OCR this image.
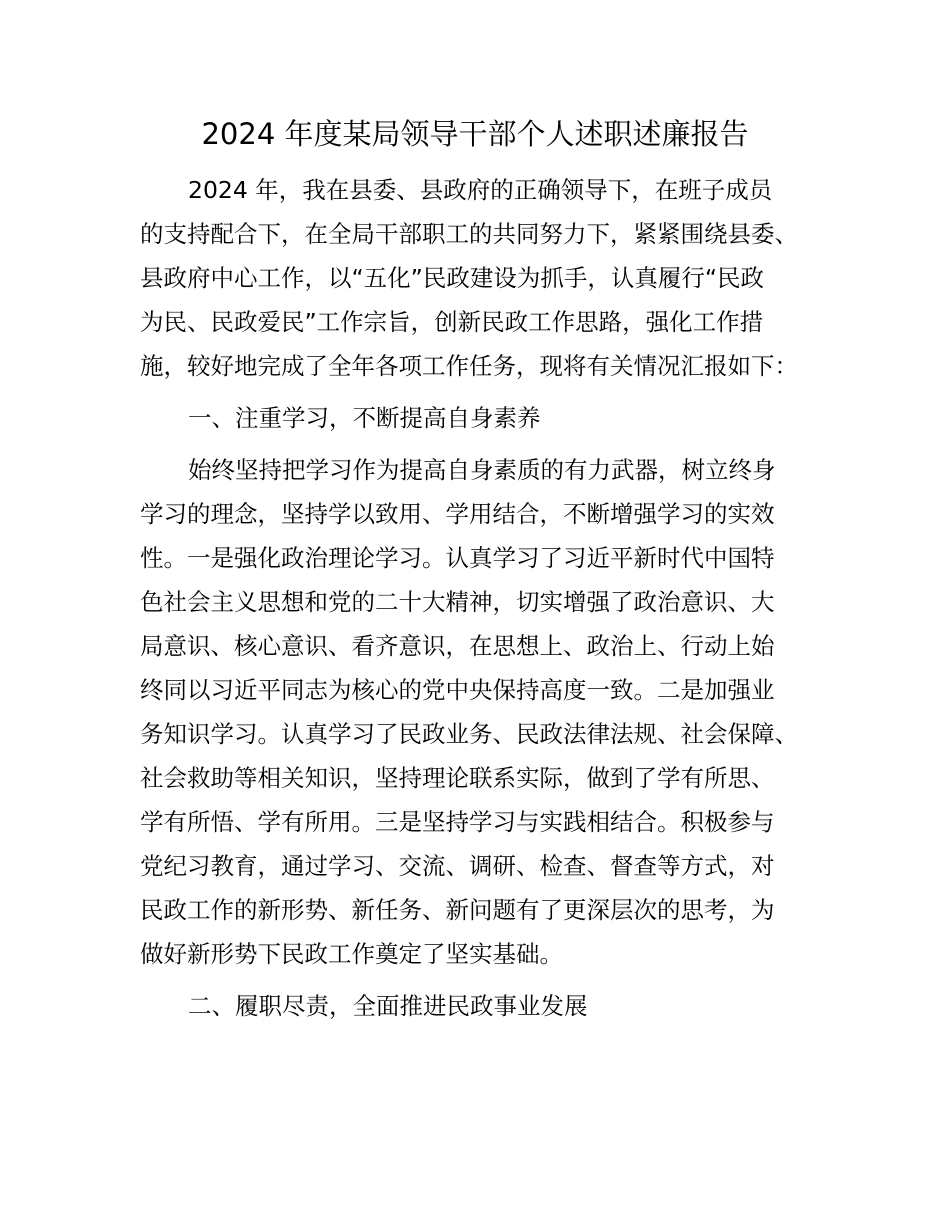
2024 年度某局领导干部个人述职述廉报告
2024 年，我在县委、县政府的正确领导下，在班子成员
的支持配合下，在全局干部职工的共同努力下，紧紧围绕县委、
县政府中心工作，以“五化”民政建设为抓手，认真履行“民政
为民、民政爱民”工作宗旨，创新民政工作思路，强化工作措
施，较好地完成了全年各项工作任务，现将有关情况汇报如下：
一、注重学习，不断提高自身素养
始终坚持把学习作为提高自身素质的有力武器，树立终身
学习的理念，坚持学以致用、学用结合，不断增强学习的实效
性。一是强化政治理论学习。认真学习了习近平新时代中国特
色社会主义思想和党的二十大精神，切实增强了政治意识、大
局意识、核心意识、看齐意识，在思想上、政治上、行动上始
终同以习近平同志为核心的党中央保持高度一致。二是加强业
务知识学习。认真学习了民政业务、民政法律法规、社会保障、
社会救助等相关知识，坚持理论联系实际，做到了学有所思、
学有所悟、学有所用。三是坚持学习与实践相结合。积极参与
党纪习教育，通过学习、交流、调研、检查、督查等方式，对
民政工作的新形势、新任务、新问题有了更深层次的思考，为
做好新形势下民政工作奠定了坚实基础。
二、履职尽责，全面推进民政事业发展
